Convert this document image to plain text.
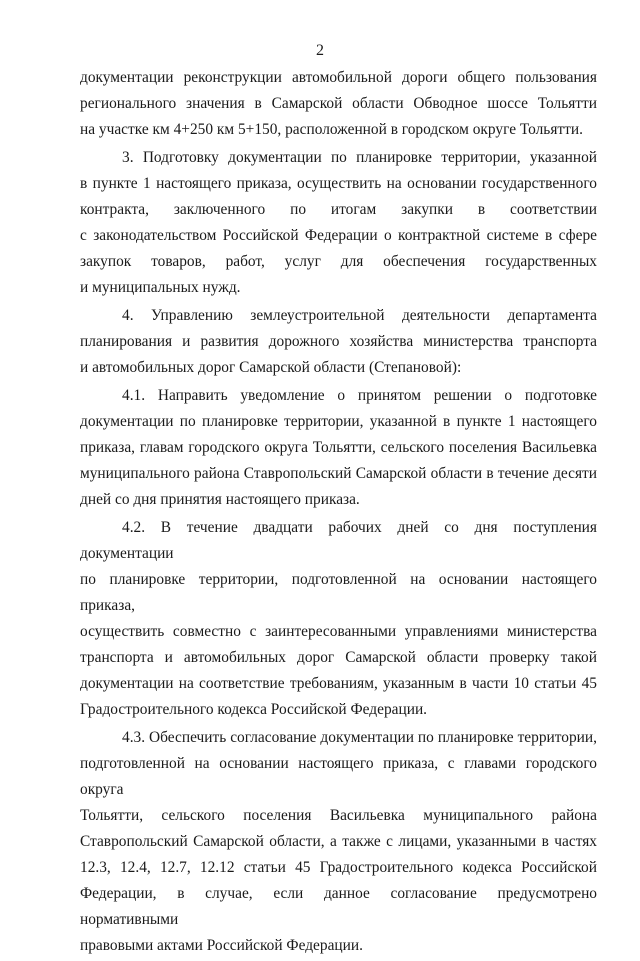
2
документации реконструкции автомобильной дороги общего пользования
регионального значения в Самарской области Обводное шоссе Тольятти
на участке км 4+250 км 5+150, расположенной в городском округе Тольятти.
3. Подготовку документации по планировке территории, указанной
в пункте 1 настоящего приказа, осуществить на основании государственного
контракта, заключенного по итогам закупки в соответствии
с законодательством Российской Федерации о контрактной системе в сфере
закупок товаров, работ, услуг для обеспечения государственных
и муниципальных нужд.
4. Управлению землеустроительной деятельности департамента
планирования и развития дорожного хозяйства министерства транспорта
и автомобильных дорог Самарской области (Степановой):
4.1. Направить уведомление о принятом решении о подготовке
документации по планировке территории, указанной в пункте 1 настоящего
приказа, главам городского округа Тольятти, сельского поселения Васильевка
муниципального района Ставропольский Самарской области в течение десяти
дней со дня принятия настоящего приказа.
4.2. В течение двадцати рабочих дней со дня поступления документации
по планировке территории, подготовленной на основании настоящего приказа,
осуществить совместно с заинтересованными управлениями министерства
транспорта и автомобильных дорог Самарской области проверку такой
документации на соответствие требованиям, указанным в части 10 статьи 45
Градостроительного кодекса Российской Федерации.
4.3. Обеспечить согласование документации по планировке территории,
подготовленной на основании настоящего приказа, с главами городского округа
Тольятти, сельского поселения Васильевка муниципального района
Ставропольский Самарской области, а также с лицами, указанными в частях
12.3, 12.4, 12.7, 12.12 статьи 45 Градостроительного кодекса Российской
Федерации, в случае, если данное согласование предусмотрено нормативными
правовыми актами Российской Федерации.
